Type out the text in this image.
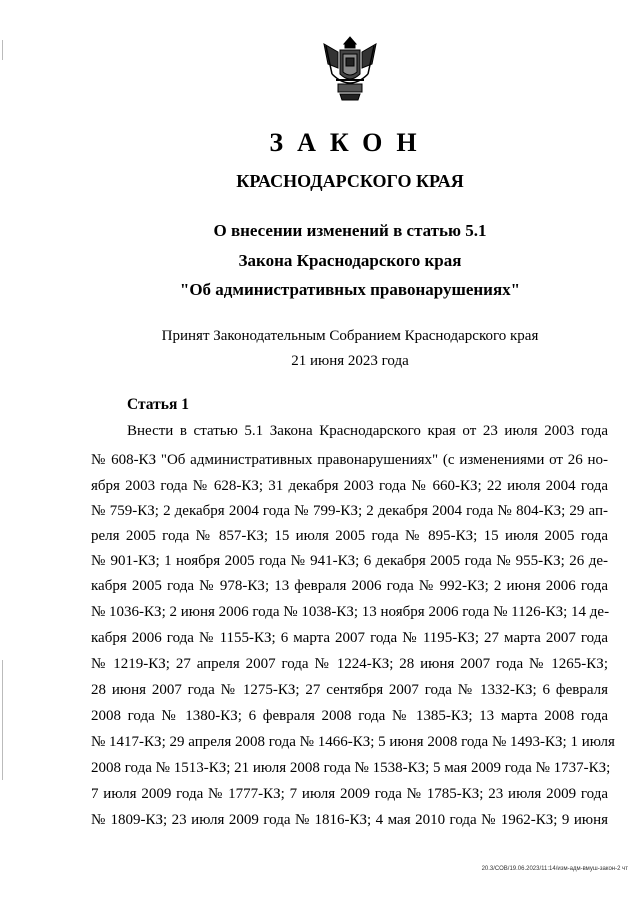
ЗАКОН
КРАСНОДАРСКОГО КРАЯ
О внесении изменений в статью 5.1
Закона Краснодарского края
"Об административных правонарушениях"
Принят Законодательным Собранием Краснодарского края
21 июня 2023 года
Статья 1
Внести в статью 5.1 Закона Краснодарского края от 23 июля 2003 года
№ 608-КЗ "Об административных правонарушениях" (с изменениями от 26 но-
ября 2003 года № 628-КЗ; 31 декабря 2003 года № 660-КЗ; 22 июля 2004 года
№ 759-КЗ; 2 декабря 2004 года № 799-КЗ; 2 декабря 2004 года № 804-КЗ; 29 ап-
реля 2005 года № 857-КЗ; 15 июля 2005 года № 895-КЗ; 15 июля 2005 года
№ 901-КЗ; 1 ноября 2005 года № 941-КЗ; 6 декабря 2005 года № 955-КЗ; 26 де-
кабря 2005 года № 978-КЗ; 13 февраля 2006 года № 992-КЗ; 2 июня 2006 года
№ 1036-КЗ; 2 июня 2006 года № 1038-КЗ; 13 ноября 2006 года № 1126-КЗ; 14 де-
кабря 2006 года № 1155-КЗ; 6 марта 2007 года № 1195-КЗ; 27 марта 2007 года
№ 1219-КЗ; 27 апреля 2007 года № 1224-КЗ; 28 июня 2007 года № 1265-КЗ;
28 июня 2007 года № 1275-КЗ; 27 сентября 2007 года № 1332-КЗ; 6 февраля
2008 года № 1380-КЗ; 6 февраля 2008 года № 1385-КЗ; 13 марта 2008 года
№ 1417-КЗ; 29 апреля 2008 года № 1466-КЗ; 5 июня 2008 года № 1493-КЗ; 1 июля
2008 года № 1513-КЗ; 21 июля 2008 года № 1538-КЗ; 5 мая 2009 года № 1737-КЗ;
7 июля 2009 года № 1777-КЗ; 7 июля 2009 года № 1785-КЗ; 23 июля 2009 года
№ 1809-КЗ; 23 июля 2009 года № 1816-КЗ; 4 мая 2010 года № 1962-КЗ; 9 июня
20.3/СОВ/19.06.2023/11:14/изм-адм-вмуш-закон-2 чт
